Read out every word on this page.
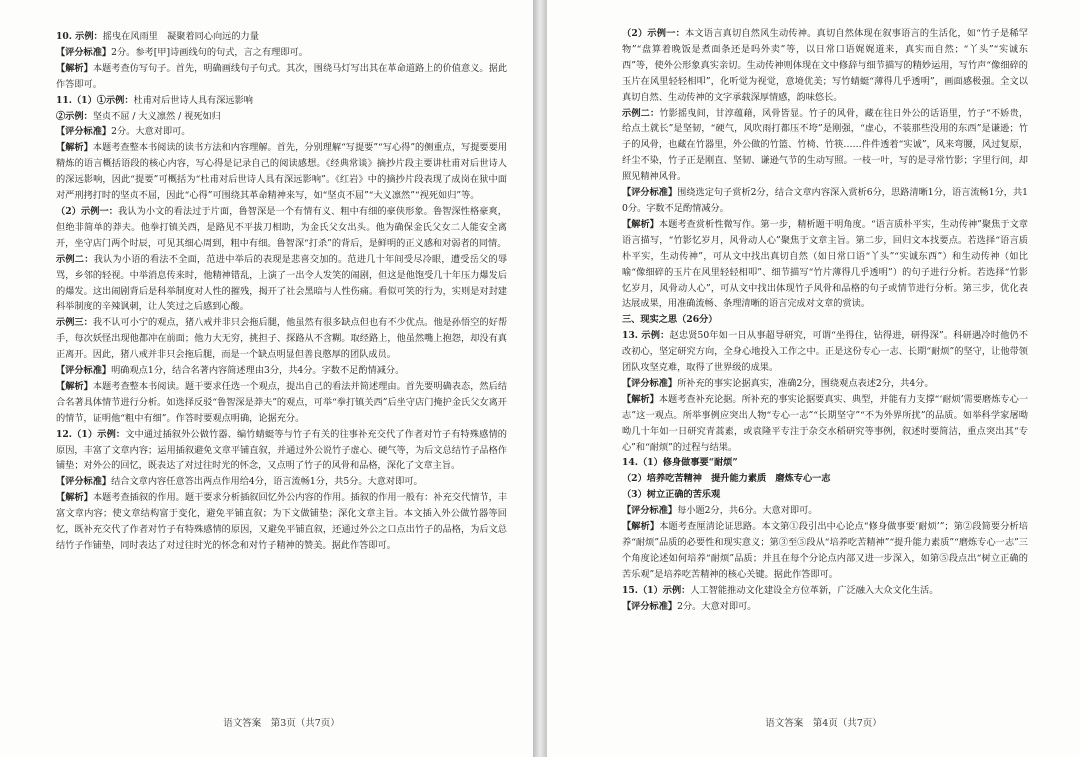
10. 示例：摇曳在风雨里　凝聚着同心向远的力量

【评分标准】2分。参考[甲]诗画线句的句式，言之有理即可。

【解析】本题考查仿写句子。首先，明确画线句子句式。其次，围绕马灯写出其在革命道路上的价值意义。据此作答即可。

11.（1）①示例：杜甫对后世诗人具有深远影响

②示例：坚贞不屈 / 大义凛然 / 视死如归

【评分标准】2分。大意对即可。

【解析】本题考查整本书阅读的读书方法和内容理解。首先，分别理解“写提要”“写心得”的侧重点，写提要要用精炼的语言概括语段的核心内容，写心得是记录自己的阅读感想。《经典常谈》摘抄片段主要讲杜甫对后世诗人的深远影响，因此“提要”可概括为“杜甫对后世诗人具有深远影响”。《红岩》中的摘抄片段表现了成岗在狱中面对严刑拷打时的坚贞不屈，因此“心得”可围绕其革命精神来写，如“坚贞不屈”“大义凛然”“视死如归”等。

（2）示例一：我认为小文的看法过于片面，鲁智深是一个有情有义、粗中有细的豪侠形象。鲁智深性格豪爽，但绝非简单的莽夫。他拳打镇关西，是路见不平拔刀相助，为金氏父女出头。他为确保金氏父女二人能安全离开，坐守店门两个时辰，可见其细心周到，粗中有细。鲁智深“打杀”的背后，是鲜明的正义感和对弱者的同情。

示例二：我认为小语的看法不全面，范进中举后的表现是悲喜交加的。范进几十年间受尽冷眼，遭受岳父的辱骂，乡邻的轻视。中举消息传来时，他精神错乱，上演了一出令人发笑的闹剧，但这是他饱受几十年压力爆发后的爆发。这出闹剧背后是科举制度对人性的摧残，揭开了社会黑暗与人性伤痛。看似可笑的行为，实则是对封建科举制度的辛辣讽刺，让人笑过之后感到心酸。

示例三：我不认可小宁的观点，猪八戒并非只会拖后腿，他虽然有很多缺点但也有不少优点。他是孙悟空的好帮手，每次妖怪出现他都冲在前面；他力大无穷，挑担子、探路从不含糊。取经路上，他虽然嘴上抱怨，却没有真正离开。因此，猪八戒并非只会拖后腿，而是一个缺点明显但善良憨厚的团队成员。

【评分标准】明确观点1分，结合名著内容简述理由3分，共4分。字数不足酌情减分。

【解析】本题考查整本书阅读。题干要求任选一个观点，提出自己的看法并简述理由。首先要明确表态，然后结合名著具体情节进行分析。如选择反驳“鲁智深是莽夫”的观点，可举“拳打镇关西”后坐守店门掩护金氏父女离开的情节，证明他“粗中有细”。作答时要观点明确，论据充分。

12.（1）示例：文中通过插叙外公做竹器、编竹蜻蜓等与竹子有关的往事补充交代了作者对竹子有特殊感情的原因，丰富了文章内容；运用插叙避免文章平铺直叙，并通过外公说竹子虚心、硬气等，为后文总结竹子品格作铺垫；对外公的回忆，既表达了对过往时光的怀念，又点明了竹子的风骨和品格，深化了文章主旨。

【评分标准】结合文章内容任意答出两点作用给4分，语言流畅1分，共5分。大意对即可。

【解析】本题考查插叙的作用。题干要求分析插叙回忆外公内容的作用。插叙的作用一般有：补充交代情节，丰富文章内容；使文章结构富于变化，避免平铺直叙；为下文做铺垫；深化文章主旨。本文插入外公做竹器等回忆，既补充交代了作者对竹子有特殊感情的原因，又避免平铺直叙，还通过外公之口点出竹子的品格，为后文总结竹子作铺垫，同时表达了对过往时光的怀念和对竹子精神的赞美。据此作答即可。

语文答案　第3页（共7页）

（2）示例一：本文语言真切自然风生动传神。真切自然体现在叙事语言的生活化，如“竹子是稀罕物”“盘算着晚饭是煮面条还是吗外卖”等，以日常口语娓娓道来，真实而自然；“丫头”“实诚东西”等，使外公形象真实亲切。生动传神则体现在文中修辞与细节描写的精妙运用，写竹声“像细碎的玉片在风里轻轻相叩”，化听觉为视觉，意境优美；写竹蜻蜓“薄得几乎透明”，画面感极强。全文以真切自然、生动传神的文字承载深厚情感，韵味悠长。

示例二：竹影摇曳间，甘淳蕴藉，风骨皆显。竹子的风骨，藏在往日外公的话语里，竹子“不娇贵，给点土就长”是坚韧，“硬气，风吹雨打都压不垮”是刚强，“虚心，不装那些没用的东西”是谦逊；竹子的风骨，也藏在竹器里，外公做的竹篮、竹椅、竹筷……件件透着“实诚”，风来弯腰，风过复原，纤尘不染，竹子正是刚直、坚韧、谦逊气节的生动写照。一枝一叶，写的是寻常竹影；字里行间，却照见精神风骨。

【评分标准】围绕选定句子赏析2分，结合文章内容深入赏析6分，思路清晰1分，语言流畅1分，共10分。字数不足酌情减分。

【解析】本题考查赏析性微写作。第一步，精析题干明角度。“语言质朴平实，生动传神”聚焦于文章语言描写，“竹影忆岁月，风骨动人心”聚焦于文章主旨。第二步，回归文本找要点。若选择“语言质朴平实，生动传神”，可从文中找出真切自然（如日常口语“丫头”“实诚东西”）和生动传神（如比喻“像细碎的玉片在风里轻轻相叩”、细节描写“竹片薄得几乎透明”）的句子进行分析。若选择“竹影忆岁月，风骨动人心”，可从文中找出体现竹子风骨和品格的句子或情节进行分析。第三步，优化表达展成果，用准确流畅、条理清晰的语言完成对文章的赏读。

三、现实之思（26分）

13. 示例：赵忠贤50年如一日从事超导研究，可谓“坐得住，钻得进，研得深”。科研遇冷时他仍不改初心，坚定研究方向，全身心地投入工作之中。正是这份专心一志、长期“耐烦”的坚守，让他带领团队攻坚克难，取得了世界级的成果。

【评分标准】所补充的事实论据真实，准确2分，围绕观点表述2分，共4分。

【解析】本题考查补充论据。所补充的事实论据要真实、典型，并能有力支撑“‘耐烦’需要磨炼专心一志”这一观点。所举事例应突出人物“专心一志”“长期坚守”“不为外界所扰”的品质。如举科学家屠呦呦几十年如一日研究青蒿素，或袁隆平专注于杂交水稻研究等事例，叙述时要简洁，重点突出其“专心”和“耐烦”的过程与结果。

14.（1）修身做事要“耐烦”

（2）培养吃苦精神　提升能力素质　磨炼专心一志

（3）树立正确的苦乐观

【评分标准】每小题2分，共6分。大意对即可。

【解析】本题考查厘清论证思路。本文第①段引出中心论点“修身做事要‘耐烦’”；第②段简要分析培养“耐烦”品质的必要性和现实意义；第③至⑤段从“培养吃苦精神”“提升能力素质”“磨炼专心一志”三个角度论述如何培养“耐烦”品质；并且在每个分论点内部又进一步深入，如第⑤段点出“树立正确的苦乐观”是培养吃苦精神的核心关键。据此作答即可。

15.（1）示例：人工智能推动文化建设全方位革新，广泛融入大众文化生活。

【评分标准】2分。大意对即可。

语文答案　第4页（共7页）
